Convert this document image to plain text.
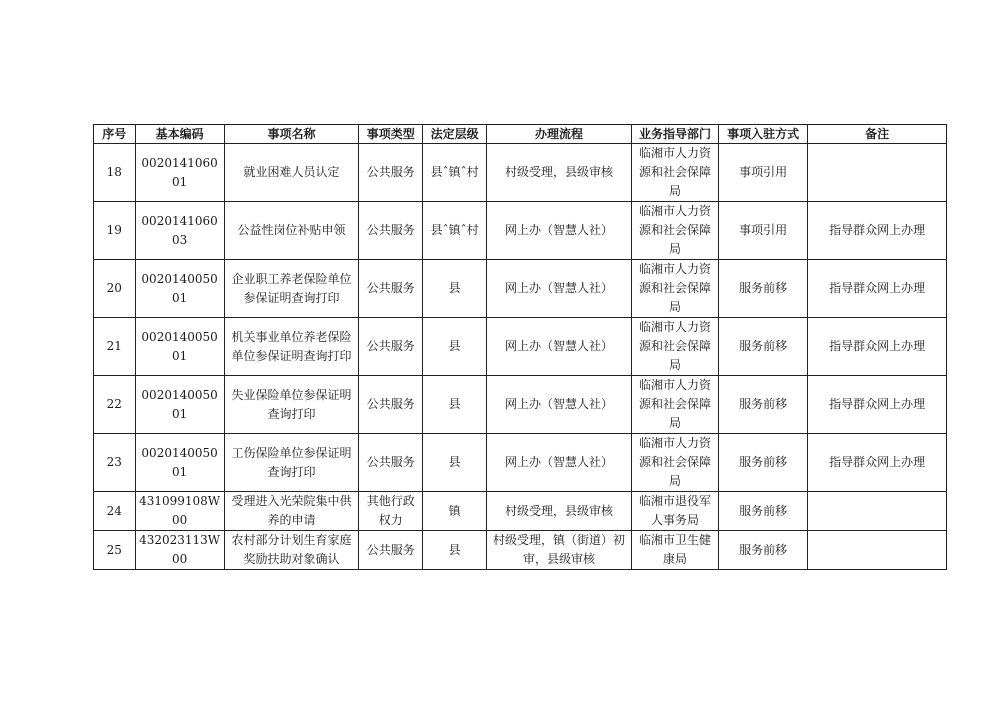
序号	基本编码	事项名称	事项类型	法定层级	办理流程	业务指导部门	事项入驻方式	备注
18	002014106001	就业困难人员认定	公共服务	县ˆ镇ˆ村	村级受理，县级审核	临湘市人力资源和社会保障局	事项引用	
19	002014106003	公益性岗位补贴申领	公共服务	县ˆ镇ˆ村	网上办（智慧人社）	临湘市人力资源和社会保障局	事项引用	指导群众网上办理
20	002014005001	企业职工养老保险单位参保证明查询打印	公共服务	县	网上办（智慧人社）	临湘市人力资源和社会保障局	服务前移	指导群众网上办理
21	002014005001	机关事业单位养老保险单位参保证明查询打印	公共服务	县	网上办（智慧人社）	临湘市人力资源和社会保障局	服务前移	指导群众网上办理
22	002014005001	失业保险单位参保证明查询打印	公共服务	县	网上办（智慧人社）	临湘市人力资源和社会保障局	服务前移	指导群众网上办理
23	002014005001	工伤保险单位参保证明查询打印	公共服务	县	网上办（智慧人社）	临湘市人力资源和社会保障局	服务前移	指导群众网上办理
24	431099108W00	受理进入光荣院集中供养的申请	其他行政权力	镇	村级受理，县级审核	临湘市退役军人事务局	服务前移	
25	432023113W00	农村部分计划生育家庭奖励扶助对象确认	公共服务	县	村级受理，镇（街道）初审，县级审核	临湘市卫生健康局	服务前移	
